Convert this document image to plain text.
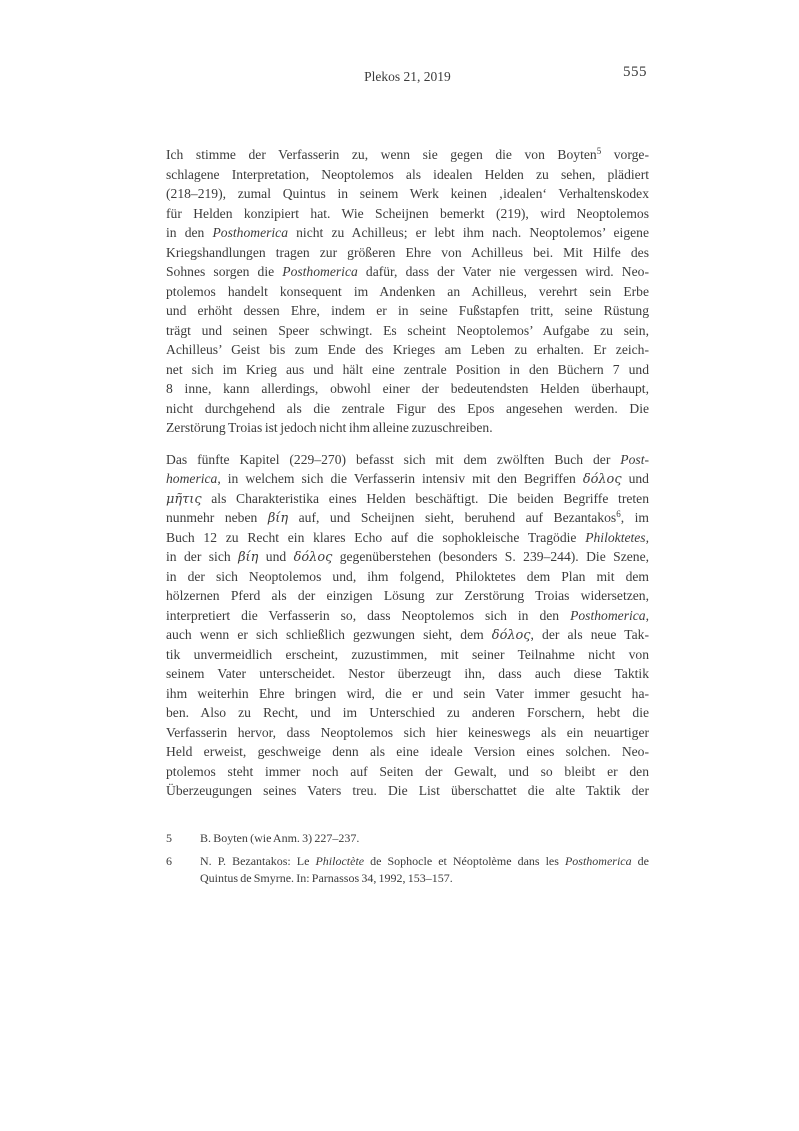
Plekos 21, 2019	555
Ich stimme der Verfasserin zu, wenn sie gegen die von Boyten$^5$ vorge-
schlagene Interpretation, Neoptolemos als idealen Helden zu sehen, plädiert
(218–219), zumal Quintus in seinem Werk keinen ‚idealen‘ Verhaltenskodex
für Helden konzipiert hat. Wie Scheijnen bemerkt (219), wird Neoptolemos
in den Posthomerica nicht zu Achilleus; er lebt ihm nach. Neoptolemos’ eigene
Kriegshandlungen tragen zur größeren Ehre von Achilleus bei. Mit Hilfe des
Sohnes sorgen die Posthomerica dafür, dass der Vater nie vergessen wird. Neo-
ptolemos handelt konsequent im Andenken an Achilleus, verehrt sein Erbe
und erhöht dessen Ehre, indem er in seine Fußstapfen tritt, seine Rüstung
trägt und seinen Speer schwingt. Es scheint Neoptolemos’ Aufgabe zu sein,
Achilleus’ Geist bis zum Ende des Krieges am Leben zu erhalten. Er zeich-
net sich im Krieg aus und hält eine zentrale Position in den Büchern 7 und
8 inne, kann allerdings, obwohl einer der bedeutendsten Helden überhaupt,
nicht durchgehend als die zentrale Figur des Epos angesehen werden. Die
Zerstörung Troias ist jedoch nicht ihm alleine zuzuschreiben.
Das fünfte Kapitel (229–270) befasst sich mit dem zwölften Buch der Post-
homerica, in welchem sich die Verfasserin intensiv mit den Begriffen δόλος und
μῆτις als Charakteristika eines Helden beschäftigt. Die beiden Begriffe treten
nunmehr neben βίη auf, und Scheijnen sieht, beruhend auf Bezantakos$^6$, im
Buch 12 zu Recht ein klares Echo auf die sophokleische Tragödie Philoktetes,
in der sich βίη und δόλος gegenüberstehen (besonders S. 239–244). Die Szene,
in der sich Neoptolemos und, ihm folgend, Philoktetes dem Plan mit dem
hölzernen Pferd als der einzigen Lösung zur Zerstörung Troias widersetzen,
interpretiert die Verfasserin so, dass Neoptolemos sich in den Posthomerica,
auch wenn er sich schließlich gezwungen sieht, dem δόλος, der als neue Tak-
tik unvermeidlich erscheint, zuzustimmen, mit seiner Teilnahme nicht von
seinem Vater unterscheidet. Nestor überzeugt ihn, dass auch diese Taktik
ihm weiterhin Ehre bringen wird, die er und sein Vater immer gesucht ha-
ben. Also zu Recht, und im Unterschied zu anderen Forschern, hebt die
Verfasserin hervor, dass Neoptolemos sich hier keineswegs als ein neuartiger
Held erweist, geschweige denn als eine ideale Version eines solchen. Neo-
ptolemos steht immer noch auf Seiten der Gewalt, und so bleibt er den
Überzeugungen seines Vaters treu. Die List überschattet die alte Taktik der
5	B. Boyten (wie Anm. 3) 227–237.
6	N. P. Bezantakos: Le Philoctète de Sophocle et Néoptolème dans les Posthomerica de
Quintus de Smyrne. In: Parnassos 34, 1992, 153–157.
